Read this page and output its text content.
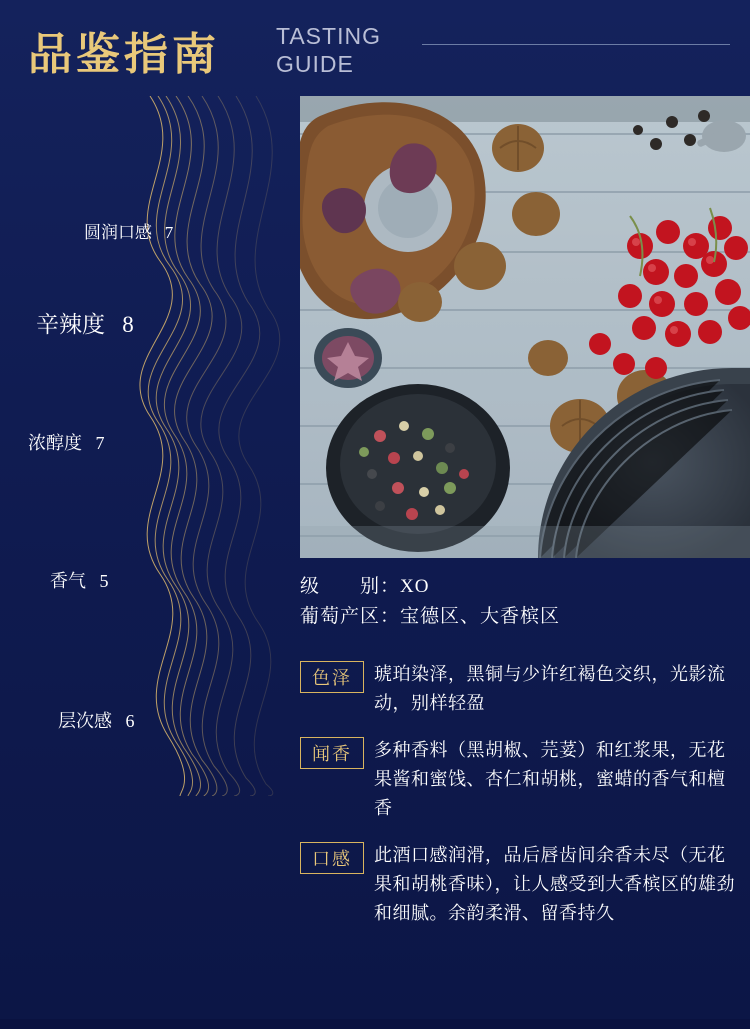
品鉴指南 TASTING
GUIDE
圆润口感 7
辛辣度 8
浓醇度 7
香气 5
层次感 6
级　　别：XO
葡萄产区：宝德区、大香槟区
色泽	琥珀染泽，黑铜与少许红褐色交织，光影流动，别样轻盈
闻香	多种香料（黑胡椒、芫荽）和红浆果，无花果酱和蜜饯、杏仁和胡桃，蜜蜡的香气和檀香
口感	此酒口感润滑，品后唇齿间余香未尽（无花果和胡桃香味），让人感受到大香槟区的雄劲和细腻。余韵柔滑、留香持久
